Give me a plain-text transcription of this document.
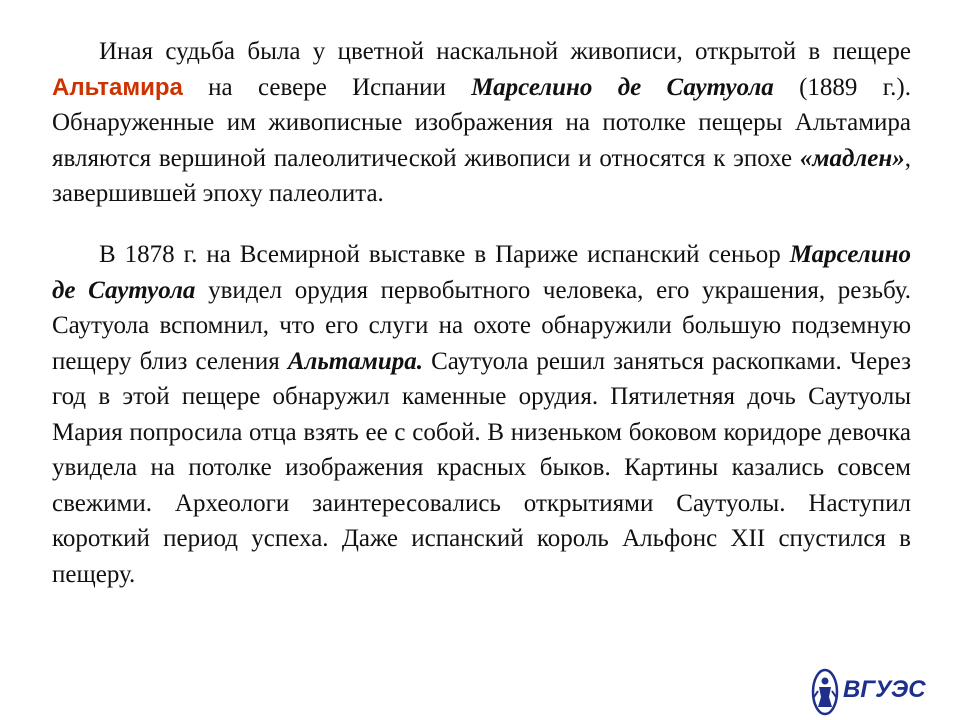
Иная судьба была у цветной наскальной живописи, открытой в пещере Альтамира на севере Испании Марселино де Саутуола (1889 г.). Обнаруженные им живописные изображения на потолке пещеры Альтамира являются вершиной палеолитической живописи и относятся к эпохе «мадлен», завершившей эпоху палеолита.

В 1878 г. на Всемирной выставке в Париже испанский сеньор Марселино де Саутуола увидел орудия первобытного человека, его украшения, резьбу. Саутуола вспомнил, что его слуги на охоте обнаружили большую подземную пещеру близ селения Альтамира. Саутуола решил заняться раскопками. Через год в этой пещере обнаружил каменные орудия. Пятилетняя дочь Саутуолы Мария попросила отца взять ее с собой. В низеньком боковом коридоре девочка увидела на потолке изображения красных быков. Картины казались совсем свежими. Археологи заинтересовались открытиями Саутуолы. Наступил короткий период успеха. Даже испанский король Альфонс XII спустился в пещеру.

ВГУЭС
